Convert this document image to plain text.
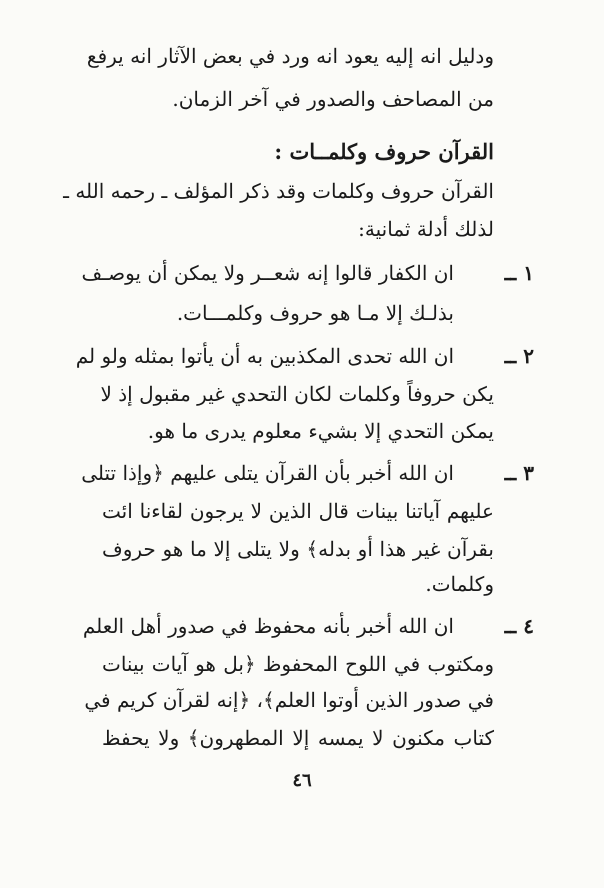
ودليل انه إليه يعود انه ورد في بعض الآثار انه يرفع
من المصاحف والصدور في آخر الزمان.
القرآن حروف وكلمــات :
القرآن حروف وكلمات وقد ذكر المؤلف ـ رحمه الله ـ
لذلك أدلة ثمانية:
١ ــ
ان الكفار قالوا إنه شعــر ولا يمكن أن يوصـف
بذلـك إلا مـا هو حروف وكلمـــات.
٢ ــ
ان الله تحدى المكذبين به أن يأتوا بمثله ولو لم
يكن حروفاً وكلمات لكان التحدي غير مقبول إذ لا
يمكن التحدي إلا بشيء معلوم يدرى ما هو.
٣ ــ
ان الله أخبر بأن القرآن يتلى عليهم ﴿وإذا تتلى
عليهم آياتنا بينات قال الذين لا يرجون لقاءنا ائت
بقرآن غير هذا أو بدله﴾ ولا يتلى إلا ما هو حروف
وكلمات.
٤ ــ
ان الله أخبر بأنه محفوظ في صدور أهل العلم
ومكتوب في اللوح المحفوظ ﴿بل هو آيات بينات
في صدور الذين أوتوا العلم﴾، ﴿إنه لقرآن كريم في
كتاب مكنون لا يمسه إلا المطهرون﴾ ولا يحفظ
٤٦
